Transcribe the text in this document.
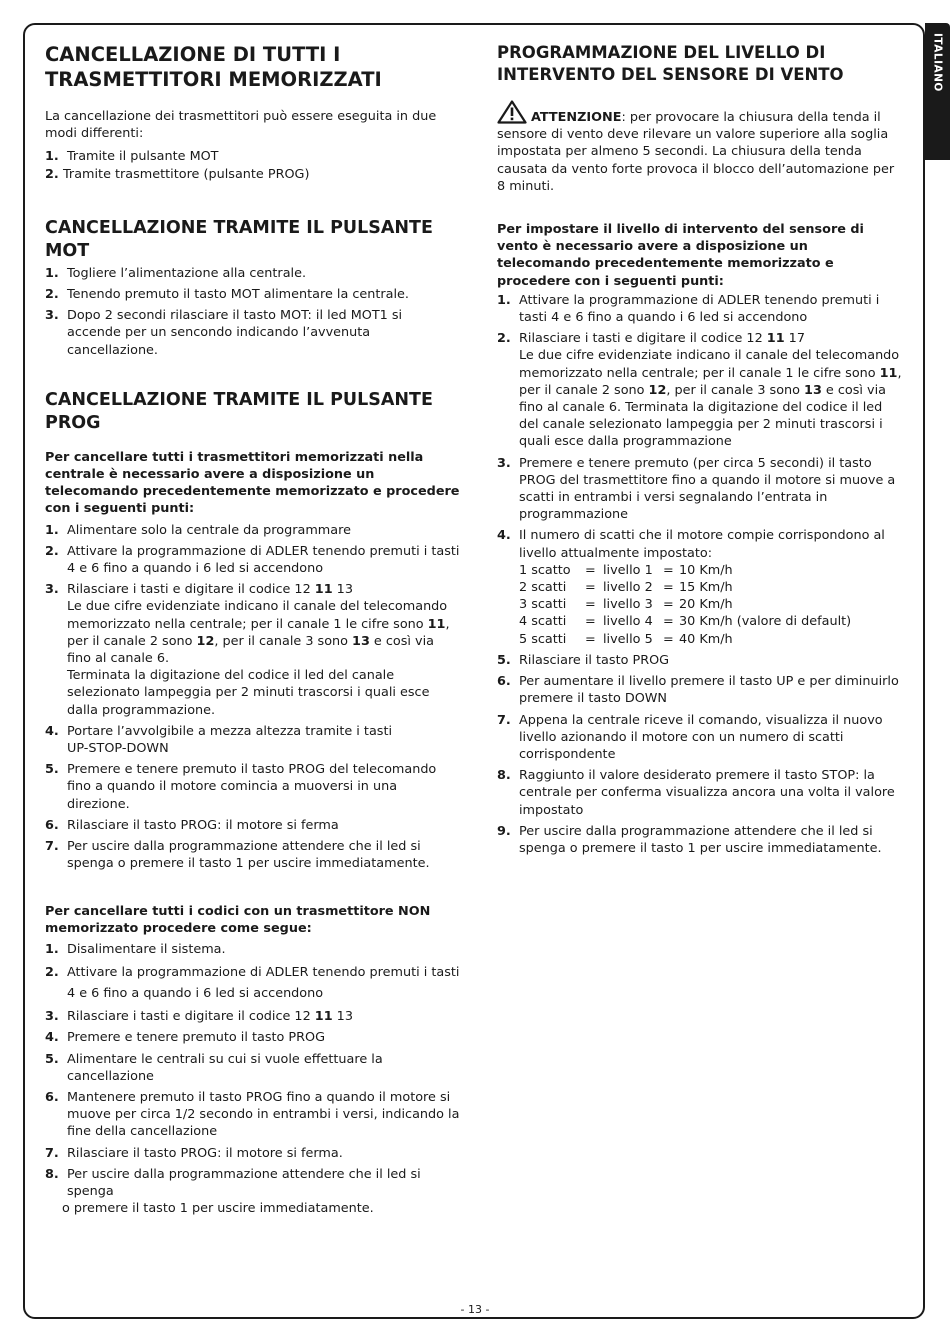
ITALIANO
CANCELLAZIONE DI TUTTI I
TRASMETTITORI MEMORIZZATI

La cancellazione dei trasmettitori può essere eseguita in due modi differenti:

1. Tramite il pulsante MOT
2. Tramite trasmettitore (pulsante PROG)
CANCELLAZIONE TRAMITE IL PULSANTE MOT
1. Togliere l’alimentazione alla centrale.
2. Tenendo premuto il tasto MOT alimentare la centrale.
3. Dopo 2 secondi rilasciare il tasto MOT: il led MOT1 si accende per un sencondo indicando l’avvenuta cancellazione.
CANCELLAZIONE TRAMITE IL PULSANTE
PROG

Per cancellare tutti i trasmettitori memorizzati nella centrale è necessario avere a disposizione un telecomando precedentemente memorizzato e procedere con i seguenti punti:

1. Alimentare solo la centrale da programmare
2. Attivare la programmazione di ADLER tenendo premuti i tasti 4 e 6 fino a quando i 6 led si accendono
3. Rilasciare i tasti e digitare il codice 12 11 13
Le due cifre evidenziate indicano il canale del telecomando memorizzato nella centrale; per il canale 1 le cifre sono 11, per il canale 2 sono 12, per il canale 3 sono 13 e così via fino al canale 6.
Terminata la digitazione del codice il led del canale selezionato lampeggia per 2 minuti trascorsi i quali esce dalla programmazione.
4. Portare l’avvolgibile a mezza altezza tramite i tasti
UP-STOP-DOWN
5. Premere e tenere premuto il tasto PROG del telecomando fino a quando il motore comincia a muoversi in una direzione.
6. Rilasciare il tasto PROG: il motore si ferma
7. Per uscire dalla programmazione attendere che il led si spenga o premere il tasto 1 per uscire immediatamente.

Per cancellare tutti i codici con un trasmettitore NON memorizzato procedere come segue:

1. Disalimentare il sistema.
2. Attivare la programmazione di ADLER tenendo premuti i tasti
4 e 6 fino a quando i 6 led si accendono
3. Rilasciare i tasti e digitare il codice 12 11 13
4. Premere e tenere premuto il tasto PROG
5. Alimentare le centrali su cui si vuole effettuare la cancellazione
6. Mantenere premuto il tasto PROG fino a quando il motore si muove per circa 1/2 secondo in entrambi i versi, indicando la fine della cancellazione
7. Rilasciare il tasto PROG: il motore si ferma.
8. Per uscire dalla programmazione attendere che il led si spenga
o premere il tasto 1 per uscire immediatamente.
PROGRAMMAZIONE DEL LIVELLO DI
INTERVENTO DEL SENSORE DI VENTO

ATTENZIONE: per provocare la chiusura della tenda il sensore di vento deve rilevare un valore superiore alla soglia impostata per almeno 5 secondi. La chiusura della tenda causata da vento forte provoca il blocco dell’automazione per 8 minuti.

Per impostare il livello di intervento del sensore di vento è necessario avere a disposizione un telecomando precedentemente memorizzato e procedere con i seguenti punti:

1. Attivare la programmazione di ADLER tenendo premuti i tasti 4 e 6 fino a quando i 6 led si accendono
2. Rilasciare i tasti e digitare il codice 12 11 17
Le due cifre evidenziate indicano il canale del telecomando memorizzato nella centrale; per il canale 1 le cifre sono 11, per il canale 2 sono 12, per il canale 3 sono 13 e così via fino al canale 6. Terminata la digitazione del codice il led del canale selezionato lampeggia per 2 minuti trascorsi i quali esce dalla programmazione
3. Premere e tenere premuto (per circa 5 secondi) il tasto PROG del trasmettitore fino a quando il motore si muove a scatti in entrambi i versi segnalando l’entrata in programmazione
4. Il numero di scatti che il motore compie corrispondono al livello attualmente impostato:
1 scatto = livello 1 = 10 Km/h
2 scatti = livello 2 = 15 Km/h
3 scatti = livello 3 = 20 Km/h
4 scatti = livello 4 = 30 Km/h (valore di default)
5 scatti = livello 5 = 40 Km/h
5. Rilasciare il tasto PROG
6. Per aumentare il livello premere il tasto UP e per diminuirlo premere il tasto DOWN
7. Appena la centrale riceve il comando, visualizza il nuovo livello azionando il motore con un numero di scatti corrispondente
8. Raggiunto il valore desiderato premere il tasto STOP: la centrale per conferma visualizza ancora una volta il valore impostato
9. Per uscire dalla programmazione attendere che il led si spenga o premere il tasto 1 per uscire immediatamente.
- 13 -
